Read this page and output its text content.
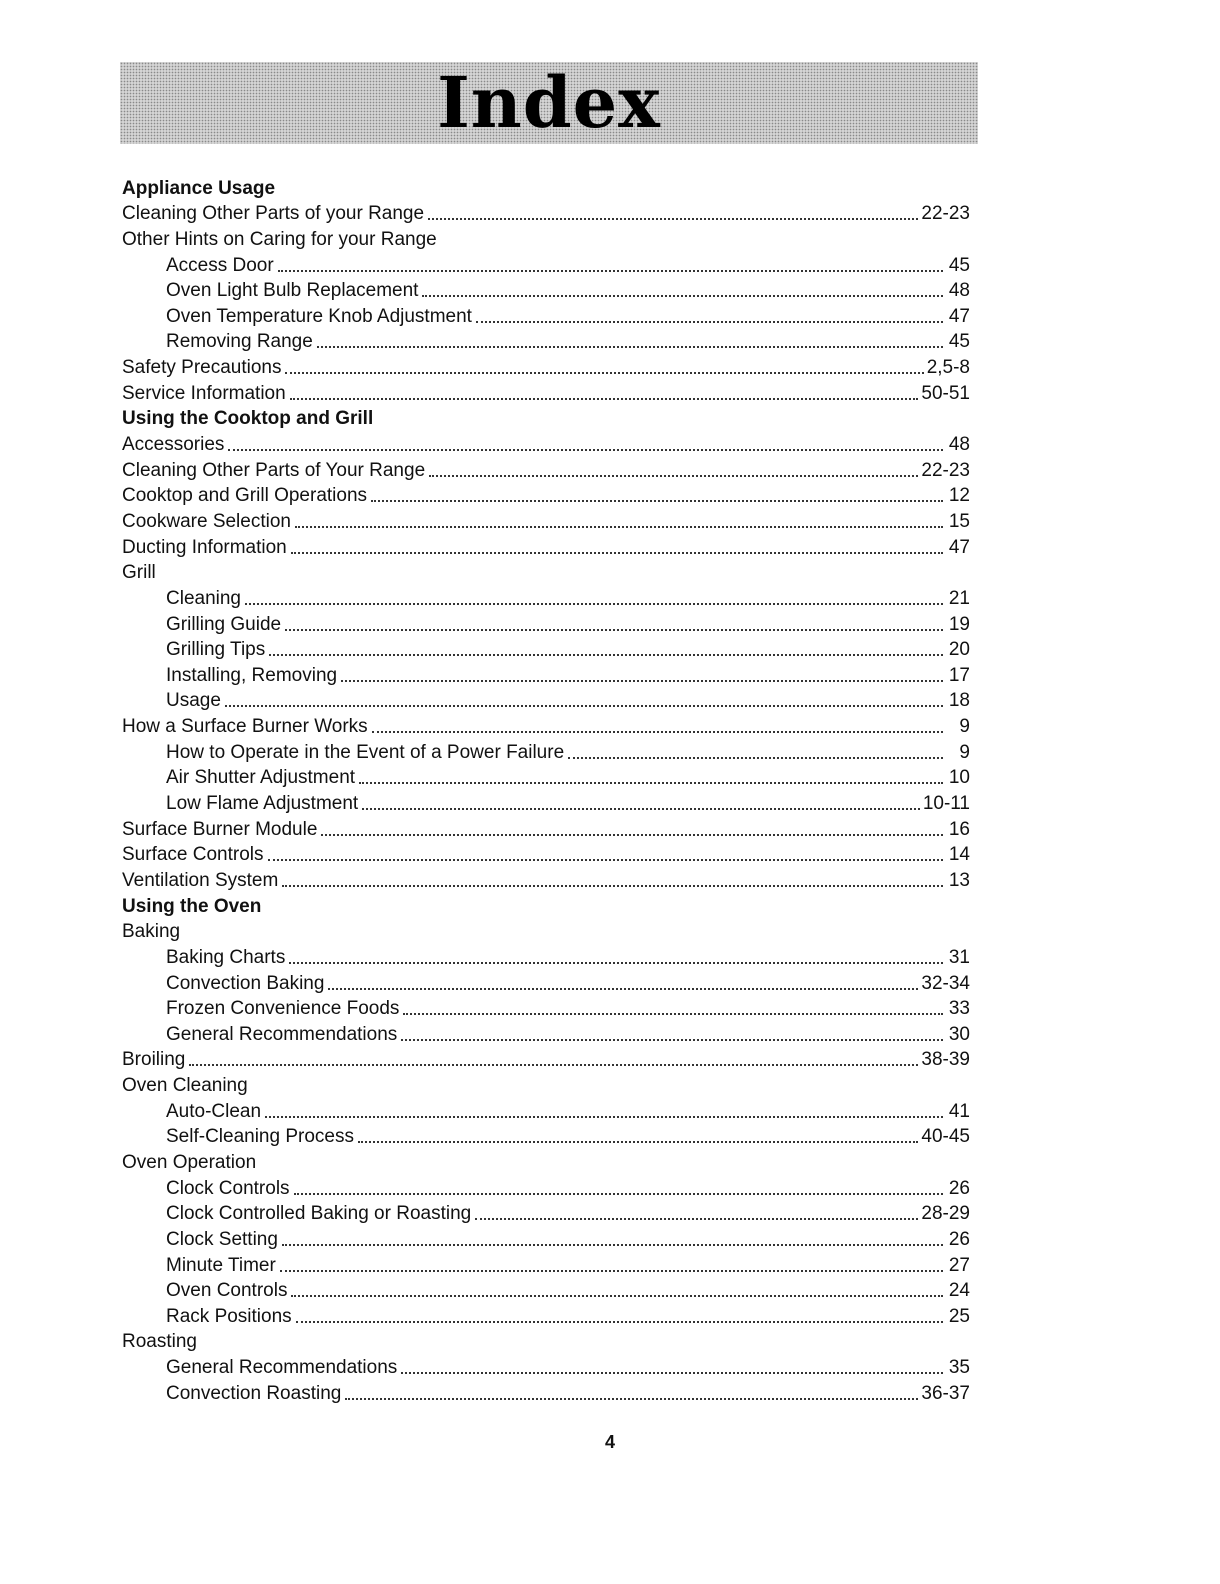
Index
Appliance Usage
Cleaning Other Parts of your Range	22-23
Other Hints on Caring for your Range
Access Door	45
Oven Light Bulb Replacement	48
Oven Temperature Knob Adjustment	47
Removing Range	45
Safety Precautions	2,5-8
Service Information	50-51
Using the Cooktop and Grill
Accessories	48
Cleaning Other Parts of Your Range	22-23
Cooktop and Grill Operations	12
Cookware Selection	15
Ducting Information	47
Grill
Cleaning	21
Grilling Guide	19
Grilling Tips	20
Installing, Removing	17
Usage	18
How a Surface Burner Works	9
How to Operate in the Event of a Power Failure	9
Air Shutter Adjustment	10
Low Flame Adjustment	10-11
Surface Burner Module	16
Surface Controls	14
Ventilation System	13
Using the Oven
Baking
Baking Charts	31
Convection Baking	32-34
Frozen Convenience Foods	33
General Recommendations	30
Broiling	38-39
Oven Cleaning
Auto-Clean	41
Self-Cleaning Process	40-45
Oven Operation
Clock Controls	26
Clock Controlled Baking or Roasting	28-29
Clock Setting	26
Minute Timer	27
Oven Controls	24
Rack Positions	25
Roasting
General Recommendations	35
Convection Roasting	36-37
4
